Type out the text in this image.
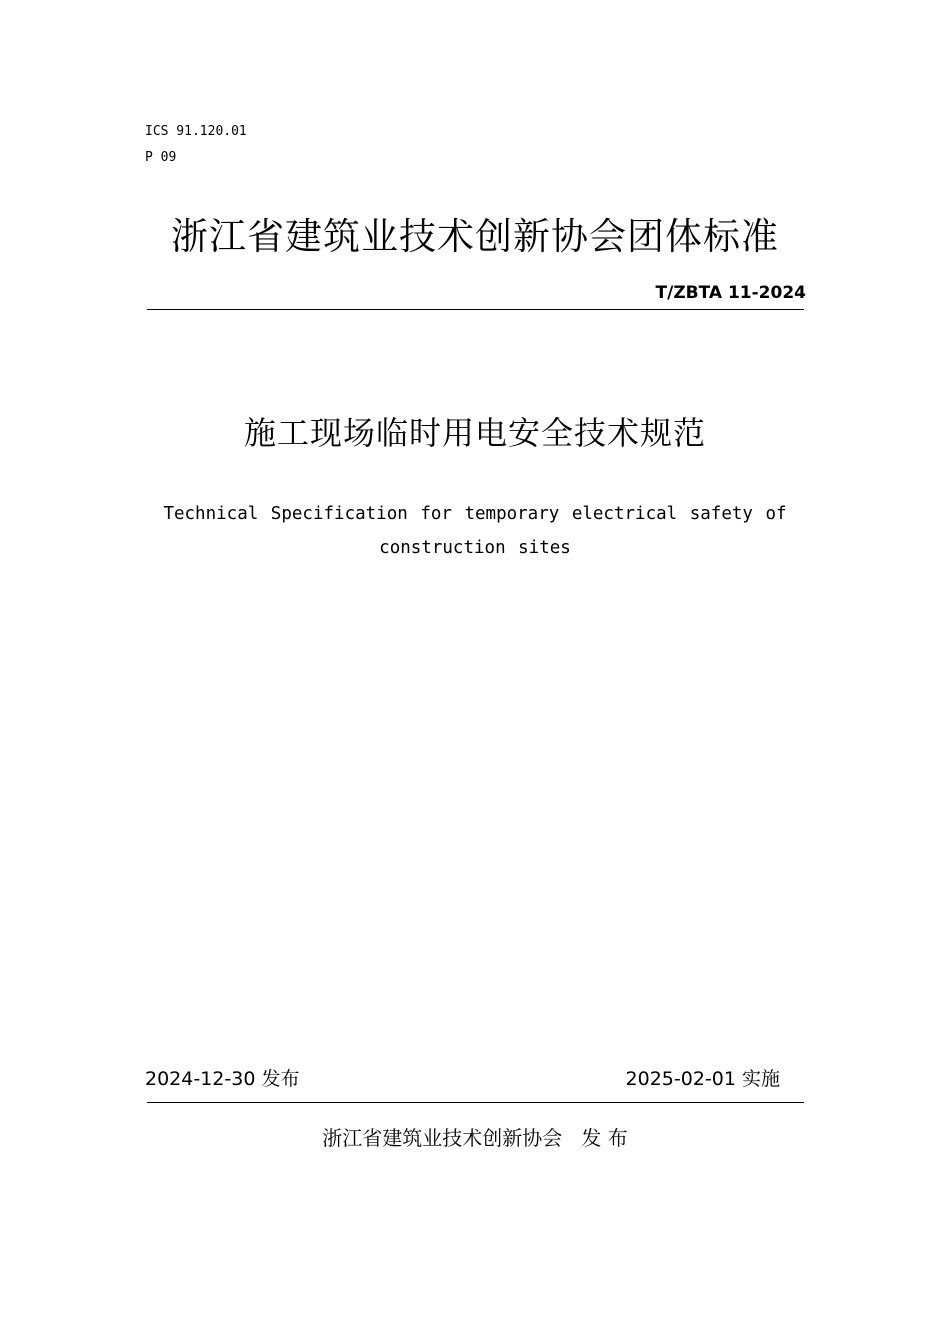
ICS 91.120.01
P 09
浙江省建筑业技术创新协会团体标准
T/ZBTA 11-2024
施工现场临时用电安全技术规范
Technical Specification for temporary electrical safety of
construction sites
2024-12-30 发布	2025-02-01 实施
浙江省建筑业技术创新协会   发 布
